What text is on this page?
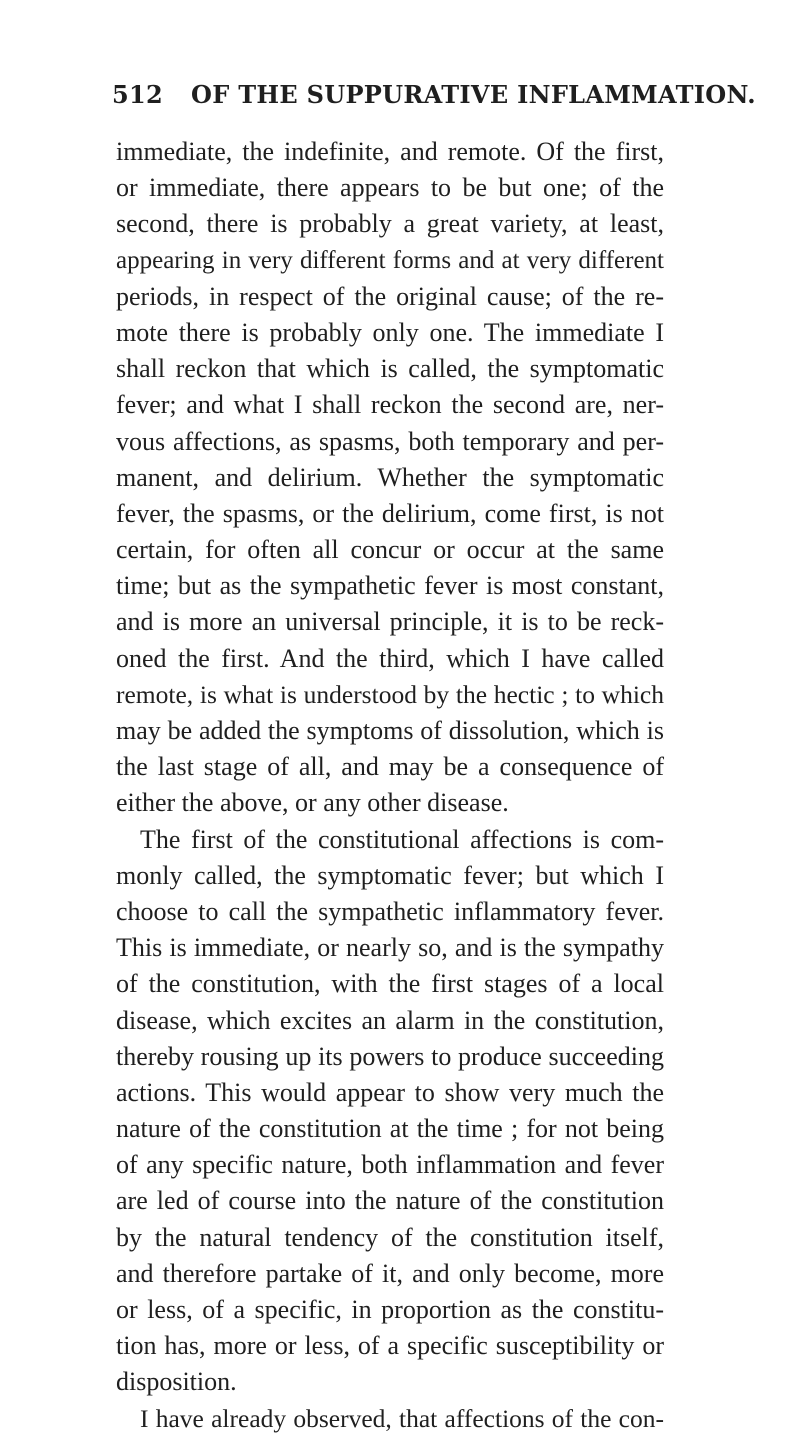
512 OF THE SUPPURATIVE INFLAMMATION.
immediate, the indefinite, and remote. Of the first,
or immediate, there appears to be but one; of the
second, there is probably a great variety, at least,
appearing in very different forms and at very different
periods, in respect of the original cause; of the re-
mote there is probably only one. The immediate I
shall reckon that which is called, the symptomatic
fever; and what I shall reckon the second are, ner-
vous affections, as spasms, both temporary and per-
manent, and delirium. Whether the symptomatic
fever, the spasms, or the delirium, come first, is not
certain, for often all concur or occur at the same
time; but as the sympathetic fever is most constant,
and is more an universal principle, it is to be reck-
oned the first. And the third, which I have called
remote, is what is understood by the hectic ; to which
may be added the symptoms of dissolution, which is
the last stage of all, and may be a consequence of
either the above, or any other disease.
The first of the constitutional affections is com-
monly called, the symptomatic fever; but which I
choose to call the sympathetic inflammatory fever.
This is immediate, or nearly so, and is the sympathy
of the constitution, with the first stages of a local
disease, which excites an alarm in the constitution,
thereby rousing up its powers to produce succeeding
actions. This would appear to show very much the
nature of the constitution at the time ; for not being
of any specific nature, both inflammation and fever
are led of course into the nature of the constitution
by the natural tendency of the constitution itself,
and therefore partake of it, and only become, more
or less, of a specific, in proportion as the constitu-
tion has, more or less, of a specific susceptibility or
disposition.
I have already observed, that affections of the con-
